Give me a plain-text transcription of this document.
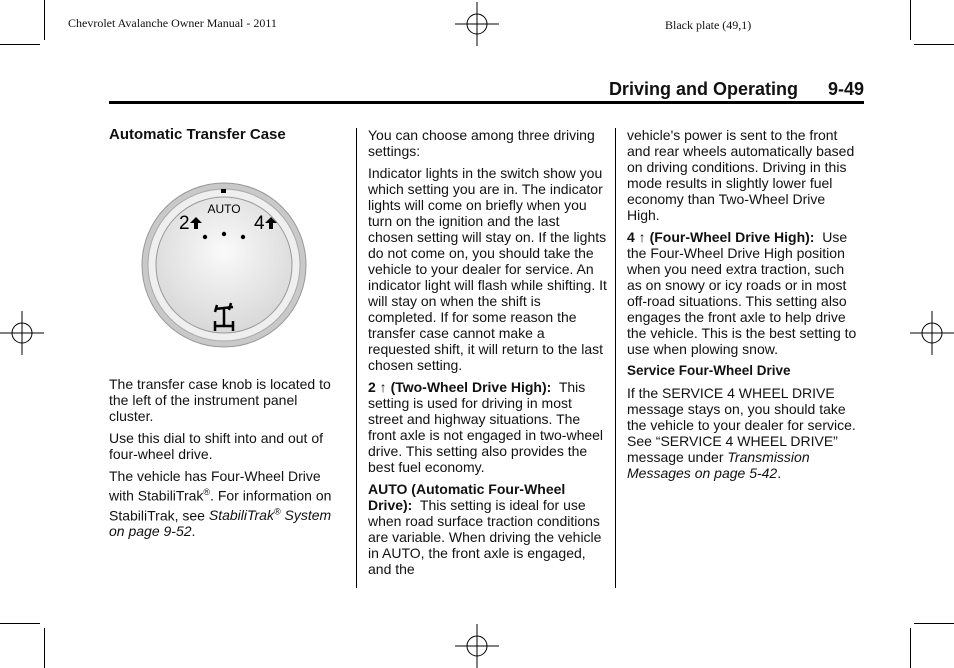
Chevrolet Avalanche Owner Manual - 2011	Black plate (49,1)
Driving and Operating 9-49
Automatic Transfer Case
AUTO
2	4

The transfer case knob is located to the left of the instrument panel cluster.

Use this dial to shift into and out of four-wheel drive.

The vehicle has Four-Wheel Drive with StabiliTrak®. For information on StabiliTrak, see StabiliTrak® System on page 9-52.

You can choose among three driving settings:

Indicator lights in the switch show you which setting you are in. The indicator lights will come on briefly when you turn on the ignition and the last chosen setting will stay on. If the lights do not come on, you should take the vehicle to your dealer for service. An indicator light will flash while shifting. It will stay on when the shift is completed. If for some reason the transfer case cannot make a requested shift, it will return to the last chosen setting.

2 ↑ (Two-Wheel Drive High): This setting is used for driving in most street and highway situations. The front axle is not engaged in two-wheel drive. This setting also provides the best fuel economy.

AUTO (Automatic Four-Wheel Drive): This setting is ideal for use when road surface traction conditions are variable. When driving the vehicle in AUTO, the front axle is engaged, and the

vehicle's power is sent to the front and rear wheels automatically based on driving conditions. Driving in this mode results in slightly lower fuel economy than Two-Wheel Drive High.

4 ↑ (Four-Wheel Drive High): Use the Four-Wheel Drive High position when you need extra traction, such as on snowy or icy roads or in most off-road situations. This setting also engages the front axle to help drive the vehicle. This is the best setting to use when plowing snow.

Service Four-Wheel Drive

If the SERVICE 4 WHEEL DRIVE message stays on, you should take the vehicle to your dealer for service. See “SERVICE 4 WHEEL DRIVE” message under Transmission Messages on page 5-42.
